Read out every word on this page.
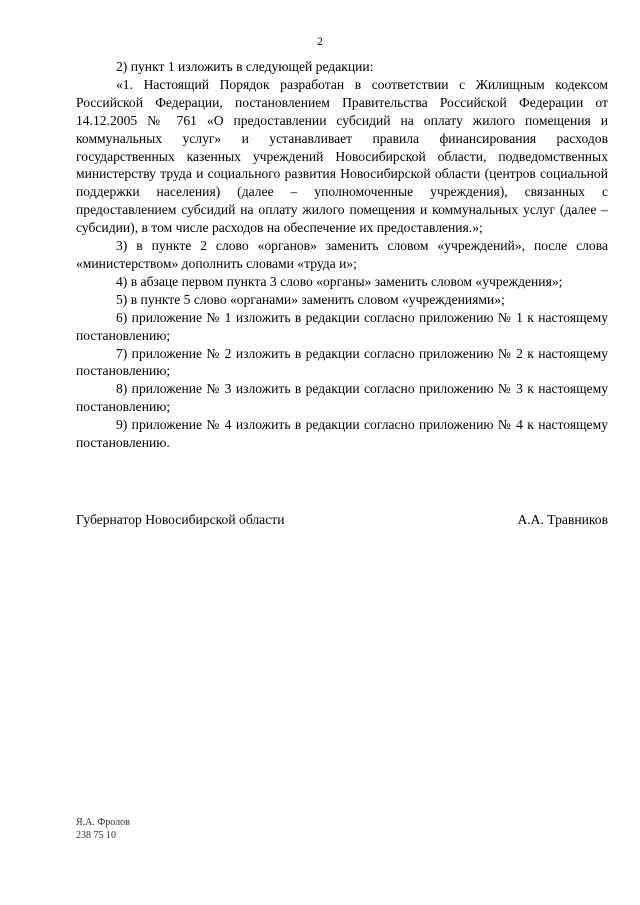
2

2) пункт 1 изложить в следующей редакции:

«1. Настоящий Порядок разработан в соответствии с Жилищным кодексом Российской Федерации, постановлением Правительства Российской Федерации от 14.12.2005 № 761 «О предоставлении субсидий на оплату жилого помещения и коммунальных услуг» и устанавливает правила финансирования расходов государственных казенных учреждений Новосибирской области, подведомственных министерству труда и социального развития Новосибирской области (центров социальной поддержки населения) (далее – уполномоченные учреждения), связанных с предоставлением субсидий на оплату жилого помещения и коммунальных услуг (далее – субсидии), в том числе расходов на обеспечение их предоставления.»;

3) в пункте 2 слово «органов» заменить словом «учреждений», после слова «министерством» дополнить словами «труда и»;

4) в абзаце первом пункта 3 слово «органы» заменить словом «учреждения»;

5) в пункте 5 слово «органами» заменить словом «учреждениями»;

6) приложение № 1 изложить в редакции согласно приложению № 1 к настоящему постановлению;

7) приложение № 2 изложить в редакции согласно приложению № 2 к настоящему постановлению;

8) приложение № 3 изложить в редакции согласно приложению № 3 к настоящему постановлению;

9) приложение № 4 изложить в редакции согласно приложению № 4 к настоящему постановлению.

Губернатор Новосибирской области	А.А. Травников
Я.А. Фролов
238 75 10
